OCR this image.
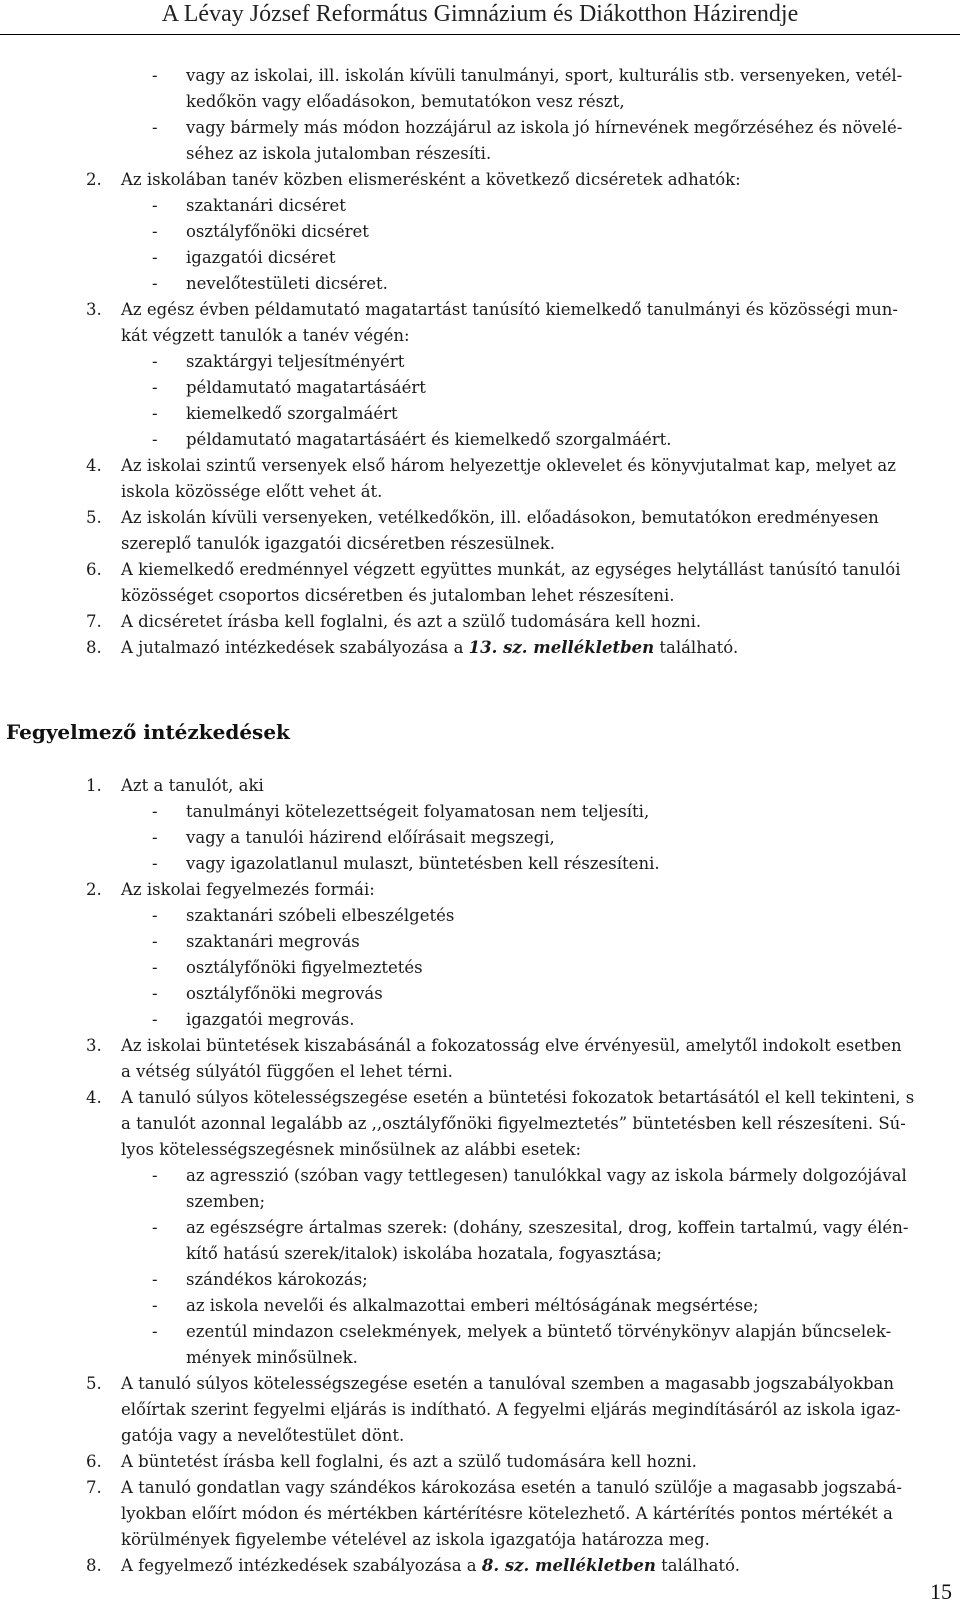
A Lévay József Református Gimnázium és Diákotthon Házirendje
- vagy az iskolai, ill. iskolán kívüli tanulmányi, sport, kulturális stb. versenyeken, vetél-
kedőkön vagy előadásokon, bemutatókon vesz részt,
- vagy bármely más módon hozzájárul az iskola jó hírnevének megőrzéséhez és növelé-
séhez az iskola jutalomban részesíti.
2. Az iskolában tanév közben elismerésként a következő dicséretek adhatók:
- szaktanári dicséret
- osztályfőnöki dicséret
- igazgatói dicséret
- nevelőtestületi dicséret.
3. Az egész évben példamutató magatartást tanúsító kiemelkedő tanulmányi és közösségi mun-
kát végzett tanulók a tanév végén:
- szaktárgyi teljesítményért
- példamutató magatartásáért
- kiemelkedő szorgalmáért
- példamutató magatartásáért és kiemelkedő szorgalmáért.
4. Az iskolai szintű versenyek első három helyezettje oklevelet és könyvjutalmat kap, melyet az
iskola közössége előtt vehet át.
5. Az iskolán kívüli versenyeken, vetélkedőkön, ill. előadásokon, bemutatókon eredményesen
szereplő tanulók igazgatói dicséretben részesülnek.
6. A kiemelkedő eredménnyel végzett együttes munkát, az egységes helytállást tanúsító tanulói
közösséget csoportos dicséretben és jutalomban lehet részesíteni.
7. A dicséretet írásba kell foglalni, és azt a szülő tudomására kell hozni.
8. A jutalmazó intézkedések szabályozása a 13. sz. mellékletben található.
Fegyelmező intézkedések
1. Azt a tanulót, aki
- tanulmányi kötelezettségeit folyamatosan nem teljesíti,
- vagy a tanulói házirend előírásait megszegi,
- vagy igazolatlanul mulaszt, büntetésben kell részesíteni.
2. Az iskolai fegyelmezés formái:
- szaktanári szóbeli elbeszélgetés
- szaktanári megrovás
- osztályfőnöki figyelmeztetés
- osztályfőnöki megrovás
- igazgatói megrovás.
3. Az iskolai büntetések kiszabásánál a fokozatosság elve érvényesül, amelytől indokolt esetben
a vétség súlyától függően el lehet térni.
4. A tanuló súlyos kötelességszegése esetén a büntetési fokozatok betartásától el kell tekinteni, s
a tanulót azonnal legalább az ,,osztályfőnöki figyelmeztetés” büntetésben kell részesíteni. Sú-
lyos kötelességszegésnek minősülnek az alábbi esetek:
- az agresszió (szóban vagy tettlegesen) tanulókkal vagy az iskola bármely dolgozójával
szemben;
- az egészségre ártalmas szerek: (dohány, szeszesital, drog, koffein tartalmú, vagy élén-
kítő hatású szerek/italok) iskolába hozatala, fogyasztása;
- szándékos károkozás;
- az iskola nevelői és alkalmazottai emberi méltóságának megsértése;
- ezentúl mindazon cselekmények, melyek a büntető törvénykönyv alapján bűncselek-
mények minősülnek.
5. A tanuló súlyos kötelességszegése esetén a tanulóval szemben a magasabb jogszabályokban
előírtak szerint fegyelmi eljárás is indítható. A fegyelmi eljárás megindításáról az iskola igaz-
gatója vagy a nevelőtestület dönt.
6. A büntetést írásba kell foglalni, és azt a szülő tudomására kell hozni.
7. A tanuló gondatlan vagy szándékos károkozása esetén a tanuló szülője a magasabb jogszabá-
lyokban előírt módon és mértékben kártérítésre kötelezhető. A kártérítés pontos mértékét a
körülmények figyelembe vételével az iskola igazgatója határozza meg.
8. A fegyelmező intézkedések szabályozása a 8. sz. mellékletben található.
15
